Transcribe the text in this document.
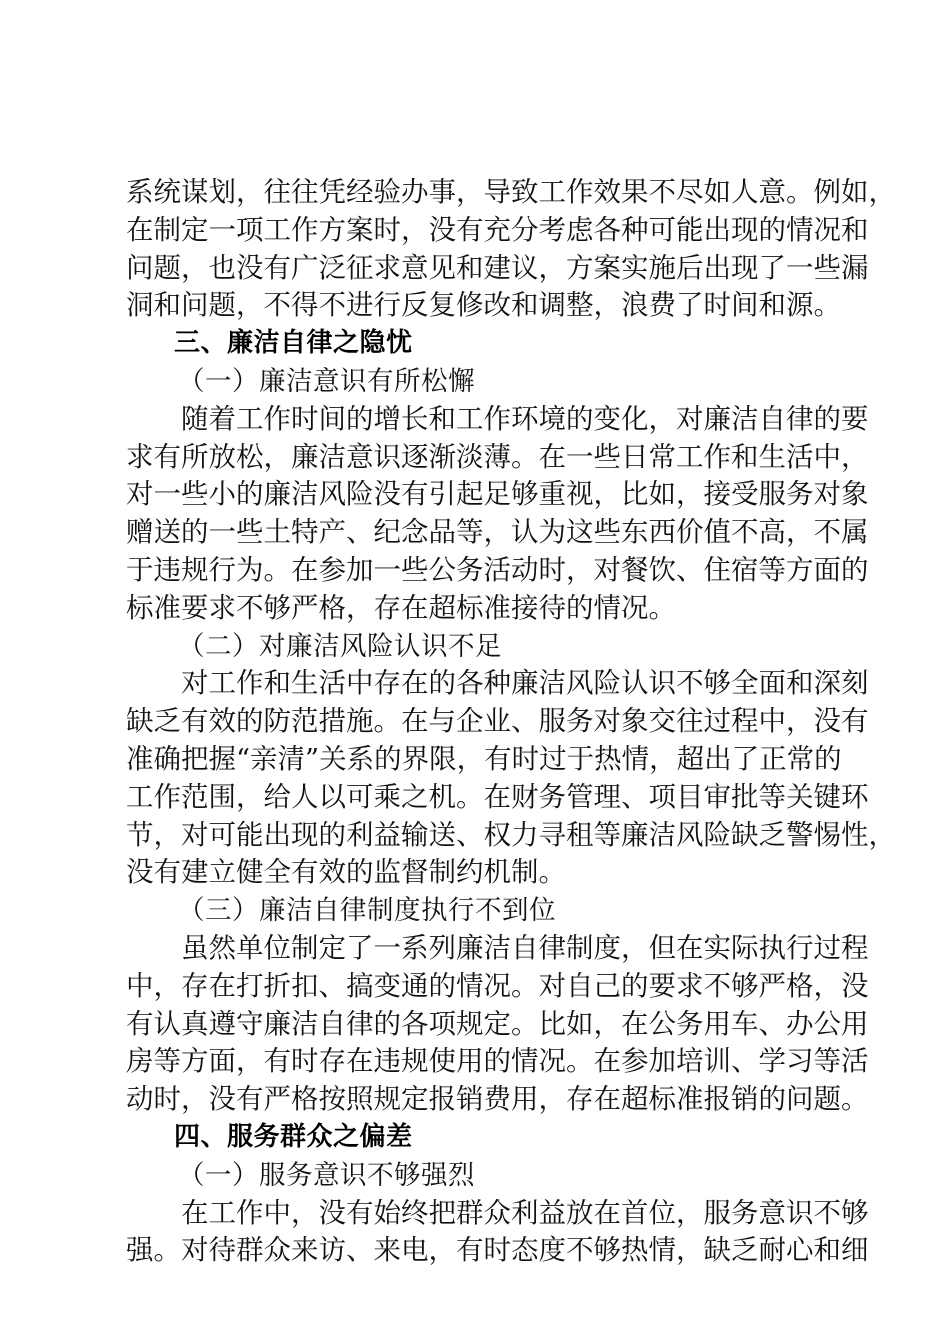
系统谋划，往往凭经验办事，导致工作效果不尽如人意。例如，
在制定一项工作方案时，没有充分考虑各种可能出现的情况和
问题，也没有广泛征求意见和建议，方案实施后出现了一些漏
洞和问题，不得不进行反复修改和调整，浪费了时间和源。
三、廉洁自律之隐忧
（一）廉洁意识有所松懈
随着工作时间的增长和工作环境的变化，对廉洁自律的要
求有所放松，廉洁意识逐渐淡薄。在一些日常工作和生活中，
对一些小的廉洁风险没有引起足够重视，比如，接受服务对象
赠送的一些土特产、纪念品等，认为这些东西价值不高，不属
于违规行为。在参加一些公务活动时，对餐饮、住宿等方面的
标准要求不够严格，存在超标准接待的情况。
（二）对廉洁风险认识不足
对工作和生活中存在的各种廉洁风险认识不够全面和深刻
缺乏有效的防范措施。在与企业、服务对象交往过程中，没有
准确把握“亲清”关系的界限，有时过于热情，超出了正常的
工作范围，给人以可乘之机。在财务管理、项目审批等关键环
节，对可能出现的利益输送、权力寻租等廉洁风险缺乏警惕性，
没有建立健全有效的监督制约机制。
（三）廉洁自律制度执行不到位
虽然单位制定了一系列廉洁自律制度，但在实际执行过程
中，存在打折扣、搞变通的情况。对自己的要求不够严格，没
有认真遵守廉洁自律的各项规定。比如，在公务用车、办公用
房等方面，有时存在违规使用的情况。在参加培训、学习等活
动时，没有严格按照规定报销费用，存在超标准报销的问题。
四、服务群众之偏差
（一）服务意识不够强烈
在工作中，没有始终把群众利益放在首位，服务意识不够
强。对待群众来访、来电，有时态度不够热情，缺乏耐心和细
